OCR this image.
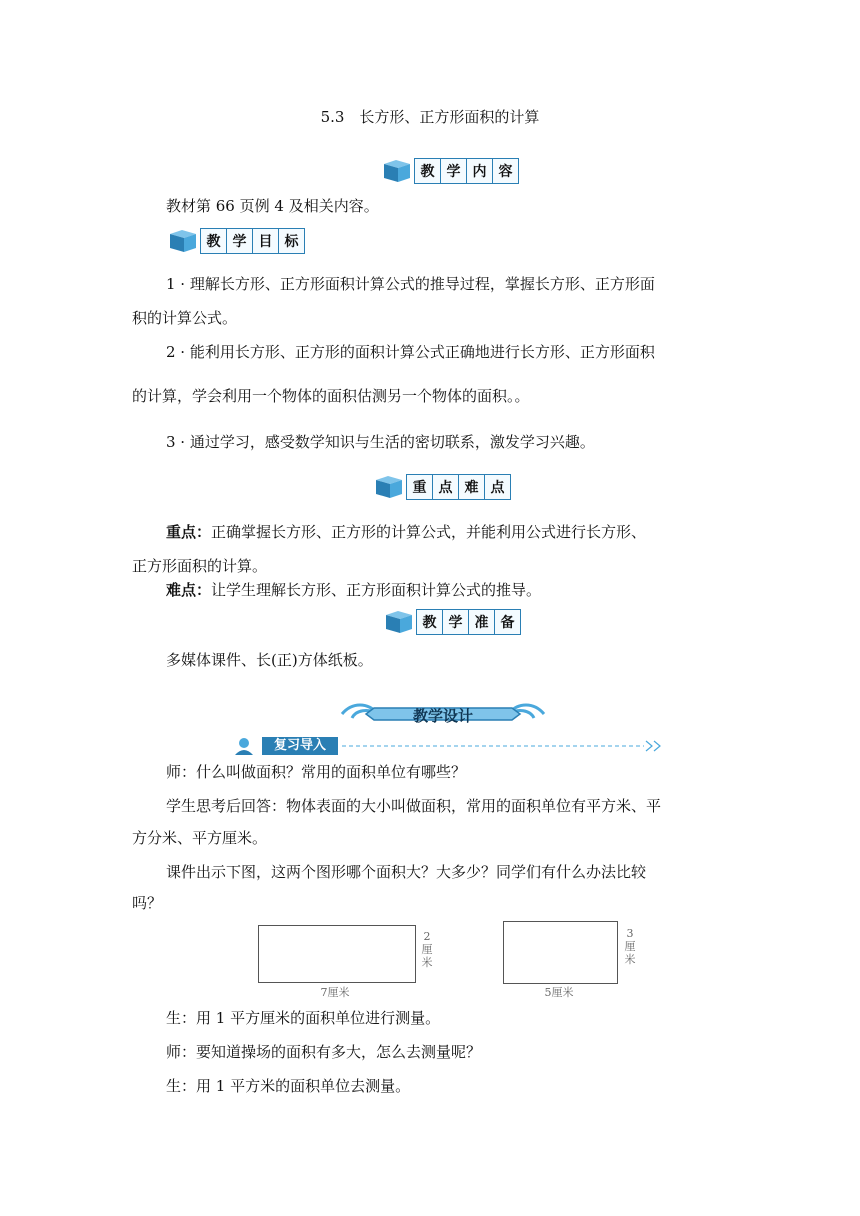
5.3　长方形、正方形面积的计算
教 学 内 容
教材第 66 页例 4 及相关内容。
教 学 目 标
1 · 理解长方形、正方形面积计算公式的推导过程，掌握长方形、正方形面
积的计算公式。
2 · 能利用长方形、正方形的面积计算公式正确地进行长方形、正方形面积
的计算，学会利用一个物体的面积估测另一个物体的面积。。
3 · 通过学习，感受数学知识与生活的密切联系，激发学习兴趣。
重 点 难 点
重点：正确掌握长方形、正方形的计算公式，并能利用公式进行长方形、
正方形面积的计算。
难点：让学生理解长方形、正方形面积计算公式的推导。
教 学 准 备
多媒体课件、长(正)方体纸板。
教学设计
复习导入
师：什么叫做面积？常用的面积单位有哪些？
学生思考后回答：物体表面的大小叫做面积，常用的面积单位有平方米、平
方分米、平方厘米。
课件出示下图，这两个图形哪个面积大？大多少？同学们有什么办法比较
吗？
2
厘
米
7厘米
3
厘
米
5厘米
生：用 1 平方厘米的面积单位进行测量。
师：要知道操场的面积有多大，怎么去测量呢？
生：用 1 平方米的面积单位去测量。
